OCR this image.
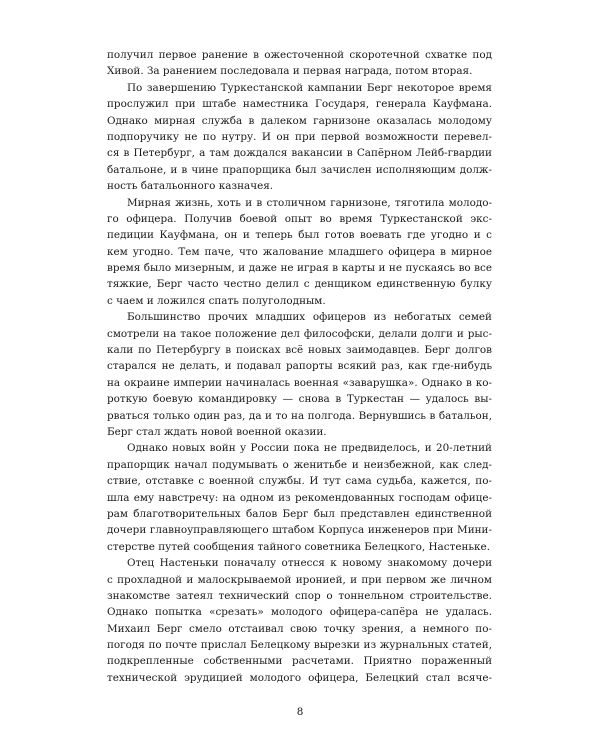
получил первое ранение в ожесточенной скоротечной схватке под
Хивой. За ранением последовала и первая награда, потом вторая.
По завершению Туркестанской кампании Берг некоторое время
прослужил при штабе наместника Государя, генерала Кауфмана.
Однако мирная служба в далеком гарнизоне оказалась молодому
подпоручику не по нутру. И он при первой возможности перевел-
ся в Петербург, а там дождался вакансии в Сапёрном Лейб-гвардии
батальоне, и в чине прапорщика был зачислен исполняющим долж-
ность батальонного казначея.
Мирная жизнь, хоть и в столичном гарнизоне, тяготила молодо-
го офицера. Получив боевой опыт во время Туркестанской экс-
педиции Кауфмана, он и теперь был готов воевать где угодно и с
кем угодно. Тем паче, что жалование младшего офицера в мирное
время было мизерным, и даже не играя в карты и не пускаясь во все
тяжкие, Берг часто честно делил с денщиком единственную булку
с чаем и ложился спать полуголодным.
Большинство прочих младших офицеров из небогатых семей
смотрели на такое положение дел философски, делали долги и рыс-
кали по Петербургу в поисках всё новых заимодавцев. Берг долгов
старался не делать, и подавал рапорты всякий раз, как где-нибудь
на окраине империи начиналась военная «заварушка». Однако в ко-
роткую боевую командировку — снова в Туркестан — удалось вы-
рваться только один раз, да и то на полгода. Вернувшись в батальон,
Берг стал ждать новой военной оказии.
Однако новых войн у России пока не предвиделось, и 20-летний
прапорщик начал подумывать о женитьбе и неизбежной, как след-
ствие, отставке с военной службы. И тут сама судьба, кажется, по-
шла ему навстречу: на одном из рекомендованных господам офице-
рам благотворительных балов Берг был представлен единственной
дочери главноуправляющего штабом Корпуса инженеров при Мини-
стерстве путей сообщения тайного советника Белецкого, Настеньке.
Отец Настеньки поначалу отнесся к новому знакомому дочери
с прохладной и малоскрываемой иронией, и при первом же личном
знакомстве затеял технический спор о тоннельном строительстве.
Однако попытка «срезать» молодого офицера-сапёра не удалась.
Михаил Берг смело отстаивал свою точку зрения, а немного по-
погодя по почте прислал Белецкому вырезки из журнальных статей,
подкрепленные собственными расчетами. Приятно пораженный
технической эрудицией молодого офицера, Белецкий стал всяче-
8
